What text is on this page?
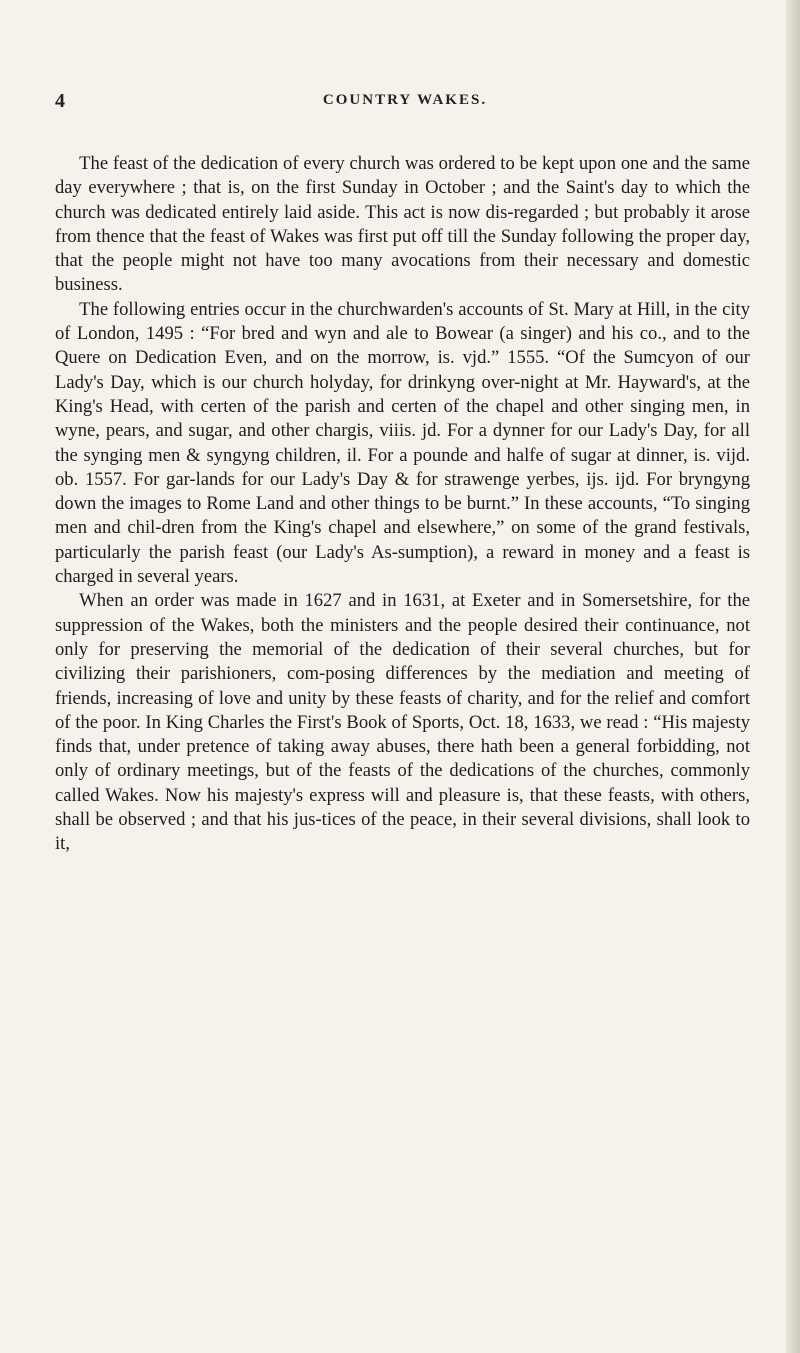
4	COUNTRY WAKES.

The feast of the dedication of every church was ordered to be kept upon one and the same day everywhere ; that is, on the first Sunday in October ; and the Saint's day to which the church was dedicated entirely laid aside. This act is now dis-regarded ; but probably it arose from thence that the feast of Wakes was first put off till the Sunday following the proper day, that the people might not have too many avocations from their necessary and domestic business.

The following entries occur in the churchwarden's accounts of St. Mary at Hill, in the city of London, 1495 : “For bred and wyn and ale to Bowear (a singer) and his co., and to the Quere on Dedication Even, and on the morrow, is. vjd.” 1555. “Of the Sumcyon of our Lady's Day, which is our church holyday, for drinkyng over-night at Mr. Hayward's, at the King's Head, with certen of the parish and certen of the chapel and other singing men, in wyne, pears, and sugar, and other chargis, viiis. jd. For a dynner for our Lady's Day, for all the synging men & syngyng children, il. For a pounde and halfe of sugar at dinner, is. vijd. ob. 1557. For gar-lands for our Lady's Day & for strawenge yerbes, ijs. ijd. For bryngyng down the images to Rome Land and other things to be burnt.” In these accounts, “To singing men and chil-dren from the King's chapel and elsewhere,” on some of the grand festivals, particularly the parish feast (our Lady's As-sumption), a reward in money and a feast is charged in several years.

When an order was made in 1627 and in 1631, at Exeter and in Somersetshire, for the suppression of the Wakes, both the ministers and the people desired their continuance, not only for preserving the memorial of the dedication of their several churches, but for civilizing their parishioners, com-posing differences by the mediation and meeting of friends, increasing of love and unity by these feasts of charity, and for the relief and comfort of the poor. In King Charles the First's Book of Sports, Oct. 18, 1633, we read : “His majesty finds that, under pretence of taking away abuses, there hath been a general forbidding, not only of ordinary meetings, but of the feasts of the dedications of the churches, commonly called Wakes. Now his majesty's express will and pleasure is, that these feasts, with others, shall be observed ; and that his jus-tices of the peace, in their several divisions, shall look to it,
